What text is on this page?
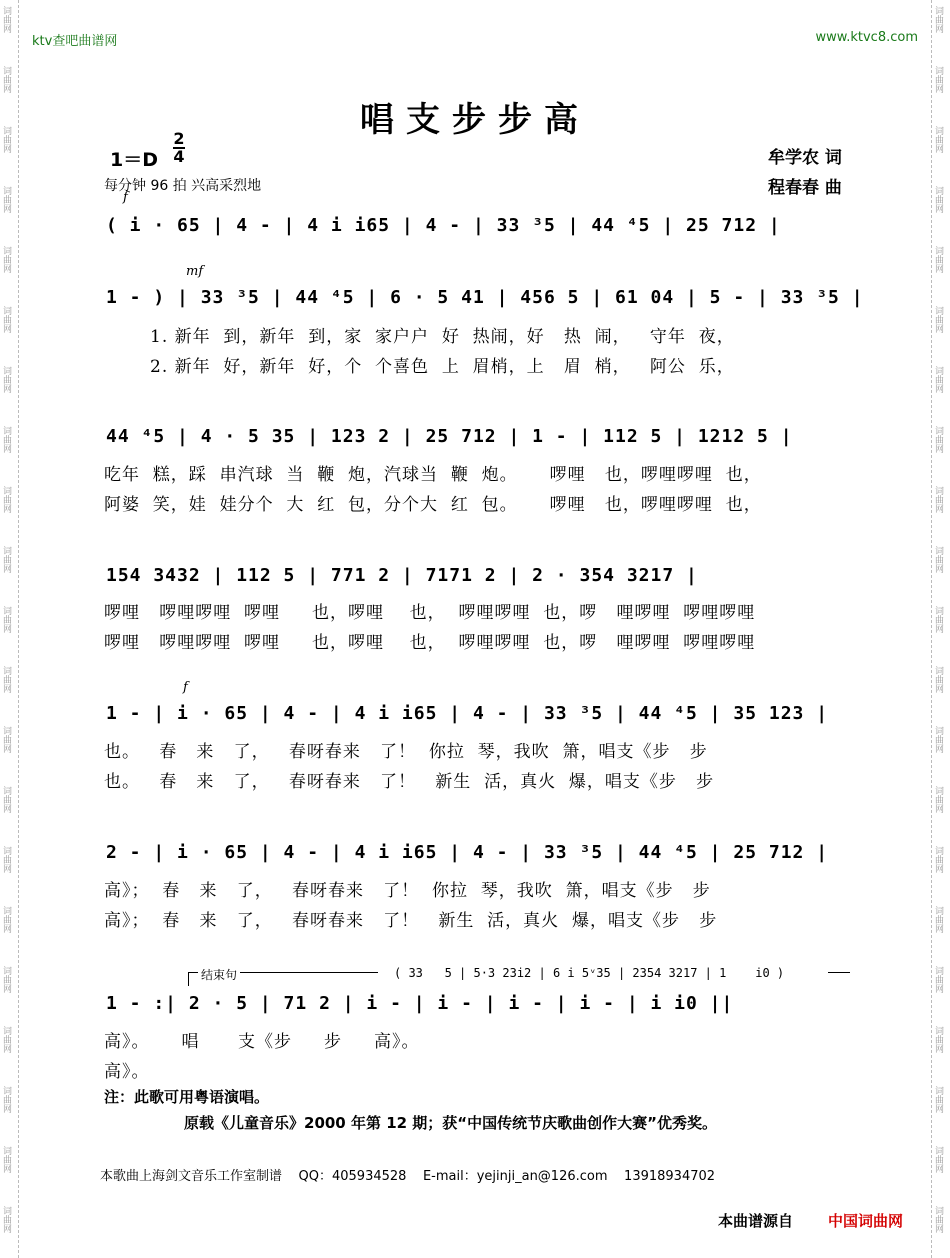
词
曲
网
词
曲
网
词
曲
网
词
曲
网
词
曲
网
词
曲
网
词
曲
网
词
曲
网
词
曲
网
词
曲
网
词
曲
网
词
曲
网
词
曲
网
词
曲
网
词
曲
网
词
曲
网
词
曲
网
词
曲
网
词
曲
网
词
曲
网
词
曲
网
词
曲
网
词
曲
网
词
曲
网
词
曲
网
词
曲
网
词
曲
网
词
曲
网
词
曲
网
词
曲
网
词
曲
网
词
曲
网
词
曲
网
词
曲
网
词
曲
网
词
曲
网
词
曲
网
词
曲
网
词
曲
网
词
曲
网
词
曲
网
词
曲
网
ktv查吧曲谱网	www.ktvc8.com
唱支步步高
1＝D
2
4
每分钟 96 拍 兴高采烈地
牟学农 词
程春春 曲
f
( i · 65 | 4 - | 4 i i65 | 4 - | 33 ³5 | 44 ⁴5 | 25 712 |
mf
1 - ) | 33 ³5 | 44 ⁴5 | 6 · 5 41 | 456 5 | 61 04 | 5 - | 33 ³5 |
1. 新年  到，新年  到，家  家户户  好  热闹，好   热  闹，   守年  夜，
2. 新年  好，新年  好，个  个喜色  上  眉梢，上   眉  梢，   阿公  乐，
44 ⁴5 | 4 · 5 35 | 123 2 | 25 712 | 1 - | 112 5 | 1212 5 |
吃年  糕，踩  串汽球  当  鞭  炮，汽球当  鞭  炮。     啰哩   也，啰哩啰哩  也，
阿婆  笑，娃  娃分个  大  红  包，分个大  红  包。     啰哩   也，啰哩啰哩  也，
154 3432 | 112 5 | 771 2 | 7171 2 | 2 · 354 3217 |
啰哩   啰哩啰哩  啰哩     也，啰哩    也，  啰哩啰哩  也，啰   哩啰哩  啰哩啰哩
啰哩   啰哩啰哩  啰哩     也，啰哩    也，  啰哩啰哩  也，啰   哩啰哩  啰哩啰哩
f
1 - | i · 65 | 4 - | 4 i i65 | 4 - | 33 ³5 | 44 ⁴5 | 35 123 |
也。   春   来   了，   春呀春来   了！  你拉  琴，我吹  箫，唱支《步   步
也。   春   来   了，   春呀春来   了！   新生  活，真火  爆，唱支《步   步
2 - | i · 65 | 4 - | 4 i i65 | 4 - | 33 ³5 | 44 ⁴5 | 25 712 |
高》；  春   来   了，   春呀春来   了！  你拉  琴，我吹  箫，唱支《步   步
高》；  春   来   了，   春呀春来   了！   新生  活，真火  爆，唱支《步   步
结束句	( 33   5 | 5·3 23i2 | 6 i 5ᵛ35 | 2354 3217 | 1    i0 )
1 - :| 2 · 5 | 71 2 | i - | i - | i - | i - | i i0 ||
高》。     唱      支《步     步     高》。
高》。
注：此歌可用粤语演唱。
原载《儿童音乐》2000 年第 12 期；获“中国传统节庆歌曲创作大赛”优秀奖。
本歌曲上海剑文音乐工作室制谱    QQ：405934528    E-mail：yejinji_an@126.com    13918934702
本曲谱源自 中国词曲网
